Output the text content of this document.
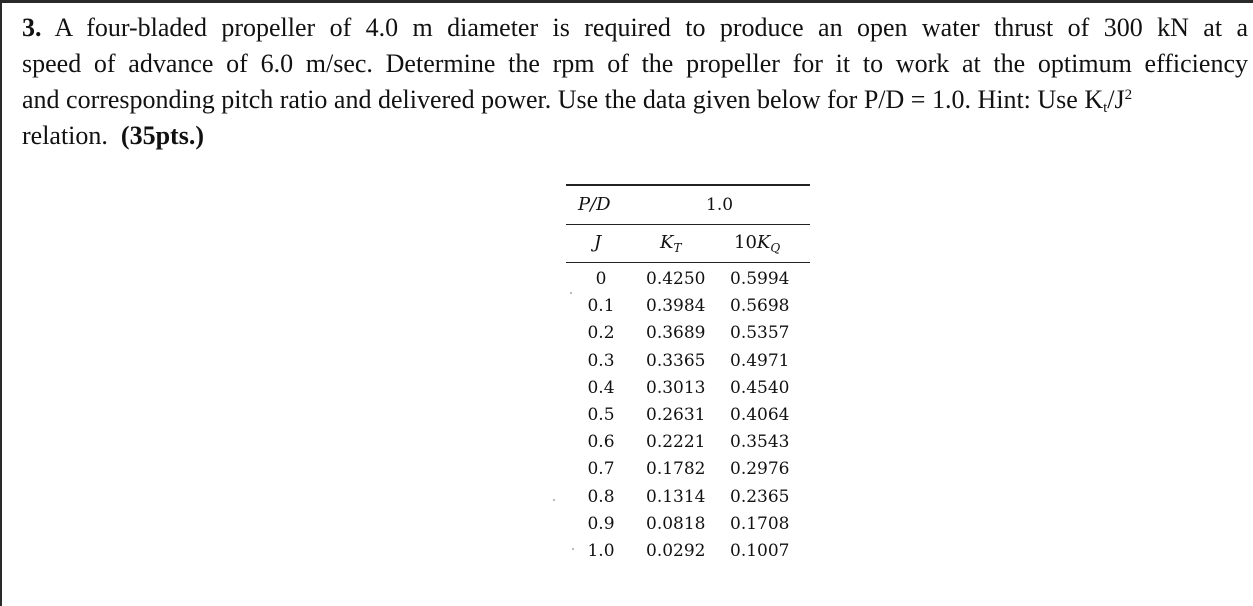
3. A four-bladed propeller of 4.0 m diameter is required to produce an open water thrust of 300 kN at a
speed of advance of 6.0 m/sec. Determine the rpm of the propeller for it to work at the optimum efficiency
and corresponding pitch ratio and delivered power. Use the data given below for P/D = 1.0. Hint: Use $K_t/J^2$
relation. (35pts.)
P/D	1.0
J	$K_T$	$10K_Q$
0	0.4250 0.5994
0.1 0.3984 0.5698
0.2 0.3689 0.5357
0.3 0.3365 0.4971
0.4 0.3013 0.4540
0.5 0.2631 0.4064
0.6 0.2221 0.3543
0.7 0.1782 0.2976
0.8 0.1314 0.2365
0.9 0.0818 0.1708
1.0 0.0292 0.1007
